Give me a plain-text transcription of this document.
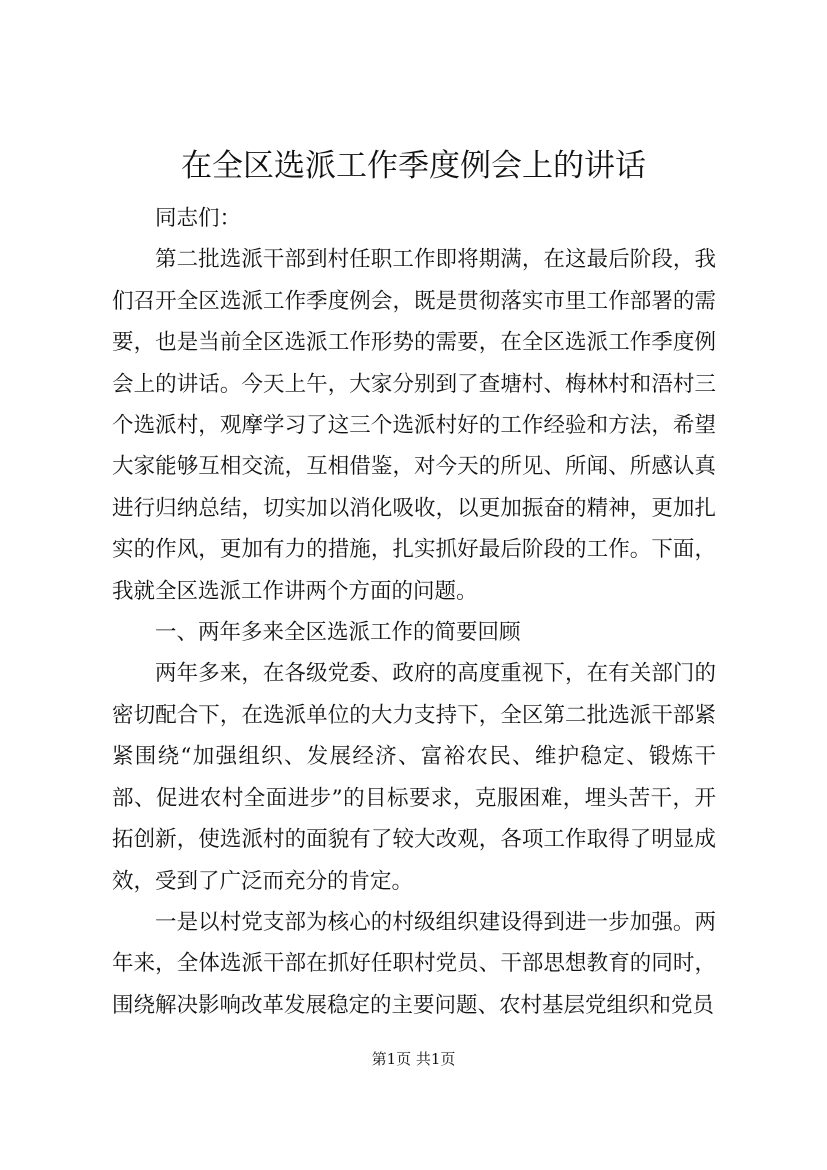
在全区选派工作季度例会上的讲话

同志们：

第二批选派干部到村任职工作即将期满，在这最后阶段，我们召开全区选派工作季度例会，既是贯彻落实市里工作部署的需要，也是当前全区选派工作形势的需要，在全区选派工作季度例会上的讲话。今天上午，大家分别到了查塘村、梅林村和浯村三个选派村，观摩学习了这三个选派村好的工作经验和方法，希望大家能够互相交流，互相借鉴，对今天的所见、所闻、所感认真进行归纳总结，切实加以消化吸收，以更加振奋的精神，更加扎实的作风，更加有力的措施，扎实抓好最后阶段的工作。下面，我就全区选派工作讲两个方面的问题。

一、两年多来全区选派工作的简要回顾

两年多来，在各级党委、政府的高度重视下，在有关部门的密切配合下，在选派单位的大力支持下，全区第二批选派干部紧紧围绕“加强组织、发展经济、富裕农民、维护稳定、锻炼干部、促进农村全面进步”的目标要求，克服困难，埋头苦干，开拓创新，使选派村的面貌有了较大改观，各项工作取得了明显成效，受到了广泛而充分的肯定。

一是以村党支部为核心的村级组织建设得到进一步加强。两年来，全体选派干部在抓好任职村党员、干部思想教育的同时，围绕解决影响改革发展稳定的主要问题、农村基层党组织和党员

第1页 共1页
